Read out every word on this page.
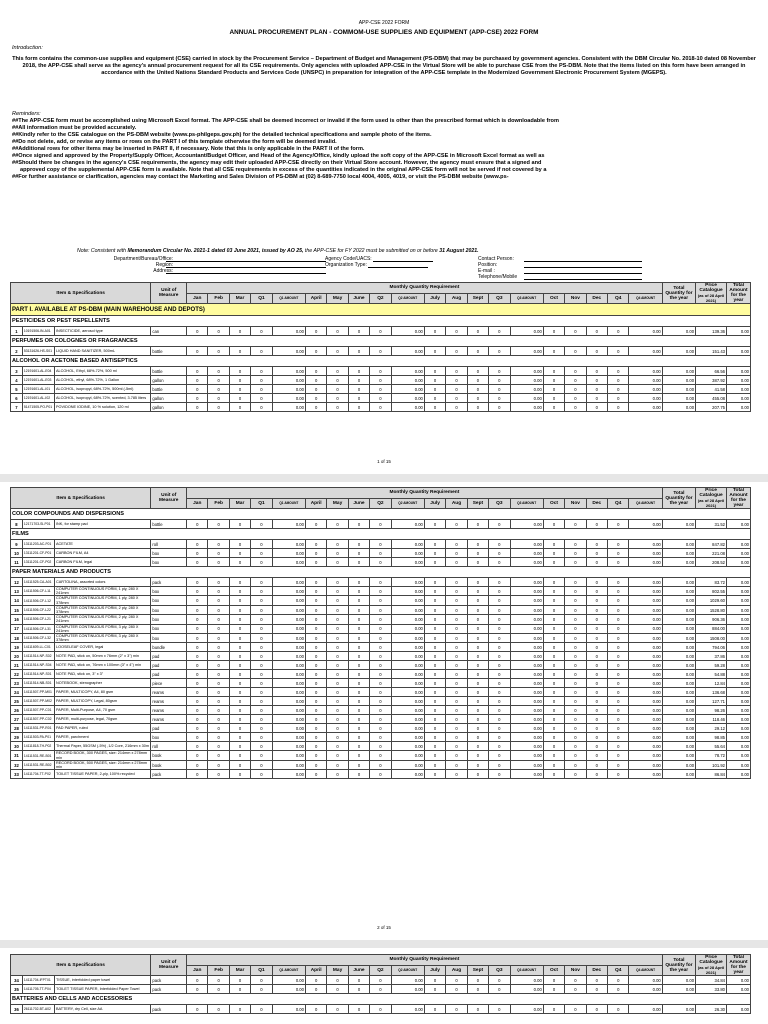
APP-CSE 2022 FORM
ANNUAL PROCUREMENT PLAN - COMMOM-USE SUPPLIES AND EQUIPMENT (APP-CSE) 2022 FORM
Introduction:
This form contains the common-use supplies and equipment (CSE) carried in stock by the Procurement Service – Department of Budget and Management (PS-DBM) that may be purchased by government agencies. Consistent with the DBM Circular No. 2018-10 dated 08 November 2018, the APP-CSE shall serve as the agency's annual procurement request for all its CSE requirements. Only agencies with uploaded APP-CSE in the Virtual Store will be able to purchase CSE from the PS-DBM. Note that the items listed on this form have been arranged in accordance with the United Nations Standard Products and Services Code (UNSPC) in preparation for integration of the APP-CSE template in the Modernized Government Electronic Procurement System (MGEPS).
Reminders:
##The APP-CSE form must be accomplished using Microsoft Excel format. The APP-CSE shall be deemed incorrect or invalid if the form used is other than the prescribed format which is downloadable from
##All information must be provided accurately.
##Kindly refer to the CSE catalogue on the PS-DBM website (www.ps-philgeps.gov.ph) for the detailed technical specifications and sample photo of the items.
##Do not delete, add, or revise any items or rows on the PART I of this template otherwise the form will be deemed invalid.
##Additional rows for other items may be inserted in PART II, if necessary. Note that this is only applicable in the PART II of the form.
##Once signed and approved by the Property/Supply Officer, Accountant/Budget Officer, and Head of the Agency/Office, kindly upload the soft copy of the APP-CSE in Microsoft Excel format as well as
##Should there be changes in the agency's CSE requirements, the agency may edit their uploaded APP-CSE directly on their Virtual Store account. However, the agency must ensure that a signed and
approved copy of the supplemental APP-CSE form is available. Note that all CSE requirements in excess of the quantities indicated in the original APP-CSE form will not be served if not covered by a
##For further assistance or clarification, agencies may contact the Marketing and Sales Division of PS-DBM at (02) 8-689-7750 local 4004, 4005, 4019, or visit the PS-DBM website (www.ps-
Note: Consistent with Memorandum Circular No. 2021-1 dated 03 June 2021, issued by AO 25, the APP-CSE for FY 2022 must be submitted on or before 31 August 2021.
Department/Bureau/Office:
Region:
Address:
Agency Code/UACS:
Organization Type:
Contact Person:
Position:
E-mail :
Telephone/Mobile
Item & Specifications			Unit of Measure	Monthly Quantity Requirement																				Total Quantity for the year	Price Catalogue
(as of 28 April 2021)	Total Amount for the year
				Jan	Feb	Mar	Q1	Q1 AMOUNT	April	May	June	Q2	Q2 AMOUNT	July	Aug	Sept	Q3	Q3 AMOUNT	Oct	Nov	Dec	Q4	Q4 AMOUNT			
PART I. AVAILABLE AT PS-DBM (MAIN WAREHOUSE AND DEPOTS)																										
PESTICIDES OR PEST REPELLENTS																										
1	10191506-IN-A01	INSECTICIDE, aerosol type	can	0	0	0	0	0.00	0	0	0	0	0.00	0	0	0	0	0.00	0	0	0	0	0.00	0.00	139.36	0.00
PERFUMES OR COLOGNES OR FRAGRANCES																										
2	53131626-HS-S01	LIQUID HAND SANITIZER, 500mL	bottle	0	0	0	0	0.00	0	0	0	0	0.00	0	0	0	0	0.00	0	0	0	0	0.00	0.00	151.43	0.00
ALCOHOL OR ACETONE BASED ANTISEPTICS																										
3	12191601-AL-E04	ALCOHOL, Ethyl, 68%-72%, 500 ml	bottle	0	0	0	0	0.00	0	0	0	0	0.00	0	0	0	0	0.00	0	0	0	0	0.00	0.00	66.56	0.00
4	12191601-AL-E03	ALCOHOL, ethyl, 68%-72%, 1 Gallon	gallon	0	0	0	0	0.00	0	0	0	0	0.00	0	0	0	0	0.00	0	0	0	0	0.00	0.00	387.92	0.00
5	12191601-AL-I01	ALCOHOL, isopropyl, 68%-72%, 500ml (-5ml)	bottle	0	0	0	0	0.00	0	0	0	0	0.00	0	0	0	0	0.00	0	0	0	0	0.00	0.00	41.58	0.00
6	12191601-AL-I02	ALCOHOL, isopropyl, 68%-72%, scented, 3.785 liters	gallon	0	0	0	0	0.00	0	0	0	0	0.00	0	0	0	0	0.00	0	0	0	0	0.00	0.00	455.08	0.00
7	51471505-PO-P01	POVIDONE IODINE, 10 % solution, 120 ml	gallon	0	0	0	0	0.00	0	0	0	0	0.00	0	0	0	0	0.00	0	0	0	0	0.00	0.00	207.75	0.00
1 of 15
Item & Specifications			Unit of Measure	Monthly Quantity Requirement																				Total Quantity for the year	Price Catalogue
(as of 28 April 2021)	Total Amount for the year
				Jan	Feb	Mar	Q1	Q1 AMOUNT	April	May	June	Q2	Q2 AMOUNT	July	Aug	Sept	Q3	Q3 AMOUNT	Oct	Nov	Dec	Q4	Q4 AMOUNT			
COLOR COMPOUNDS AND DISPERSIONS																										
8	12171703-SI-P01	INK, for stamp pad	bottle	0	0	0	0	0.00	0	0	0	0	0.00	0	0	0	0	0.00	0	0	0	0	0.00	0.00	31.52	0.00
FILMS																										
9	13111203-AC-F01	ACETATE	roll	0	0	0	0	0.00	0	0	0	0	0.00	0	0	0	0	0.00	0	0	0	0	0.00	0.00	847.82	0.00
10	13111201-CF-P01	CARBON FILM, A4	box	0	0	0	0	0.00	0	0	0	0	0.00	0	0	0	0	0.00	0	0	0	0	0.00	0.00	221.08	0.00
11	13111201-CF-P02	CARBON FILM, legal	box	0	0	0	0	0.00	0	0	0	0	0.00	0	0	0	0	0.00	0	0	0	0	0.00	0.00	208.52	0.00
PAPER MATERIALS AND PRODUCTS																										
12	14111525-CA-A01	CARTOLINA, assorted colors	pack	0	0	0	0	0.00	0	0	0	0	0.00	0	0	0	0	0.00	0	0	0	0	0.00	0.00	83.72	0.00
13	14111506-CF-L11	COMPUTER CONTINUOUS FORM, 1 ply, 280 X 241mm	box	0	0	0	0	0.00	0	0	0	0	0.00	0	0	0	0	0.00	0	0	0	0	0.00	0.00	802.55	0.00
14	14111506-CF-L12	COMPUTER CONTINUOUS FORM, 1 ply, 280 X 378mm	box	0	0	0	0	0.00	0	0	0	0	0.00	0	0	0	0	0.00	0	0	0	0	0.00	0.00	1029.60	0.00
15	14111506-CF-L22	COMPUTER CONTINUOUS FORM, 2 ply, 280 X 378mm	box	0	0	0	0	0.00	0	0	0	0	0.00	0	0	0	0	0.00	0	0	0	0	0.00	0.00	1528.80	0.00
16	14111506-CF-L21	COMPUTER CONTINUOUS FORM, 2 ply, 280 X 241mm	box	0	0	0	0	0.00	0	0	0	0	0.00	0	0	0	0	0.00	0	0	0	0	0.00	0.00	906.36	0.00
17	14111506-CF-L31	COMPUTER CONTINUOUS FORM, 3 ply, 280 X 241mm	box	0	0	0	0	0.00	0	0	0	0	0.00	0	0	0	0	0.00	0	0	0	0	0.00	0.00	884.00	0.00
18	14111506-CF-L32	COMPUTER CONTINUOUS FORM, 3 ply, 280 X 378mm	box	0	0	0	0	0.00	0	0	0	0	0.00	0	0	0	0	0.00	0	0	0	0	0.00	0.00	1508.00	0.00
19	14111609-LL-C01	LOOSELEAF COVER, legal	bundle	0	0	0	0	0.00	0	0	0	0	0.00	0	0	0	0	0.00	0	0	0	0	0.00	0.00	794.06	0.00
20	14111514-NP-S02	NOTE PAD, stick on, 50mm x 76mm (2" x 3") min	pad	0	0	0	0	0.00	0	0	0	0	0.00	0	0	0	0	0.00	0	0	0	0	0.00	0.00	37.86	0.00
21	14111514-NP-S04	NOTE PAD, stick on, 76mm x 100mm (3" x 4") min	pad	0	0	0	0	0.00	0	0	0	0	0.00	0	0	0	0	0.00	0	0	0	0	0.00	0.00	59.28	0.00
22	14111514-NP-S01	NOTE PAD, stick on, 3" x 3"	pad	0	0	0	0	0.00	0	0	0	0	0.00	0	0	0	0	0.00	0	0	0	0	0.00	0.00	54.88	0.00
23	14111514-NB-S01	NOTEBOOK, stenographer	piece	0	0	0	0	0.00	0	0	0	0	0.00	0	0	0	0	0.00	0	0	0	0	0.00	0.00	12.84	0.00
24	14111507-PP-M01	PAPER, MULTICOPY, A4, 80 gsm	reams	0	0	0	0	0.00	0	0	0	0	0.00	0	0	0	0	0.00	0	0	0	0	0.00	0.00	136.68	0.00
25	14111507-PP-M02	PAPER, MULTICOPY, Legal, 80gsm	reams	0	0	0	0	0.00	0	0	0	0	0.00	0	0	0	0	0.00	0	0	0	0	0.00	0.00	127.71	0.00
26	14111507-PP-C01	PAPER, Multi-Purpose, A4, 70 gsm	reams	0	0	0	0	0.00	0	0	0	0	0.00	0	0	0	0	0.00	0	0	0	0	0.00	0.00	98.26	0.00
27	14111507-PP-C02	PAPER, multi-purpose, legal, 70gsm	reams	0	0	0	0	0.00	0	0	0	0	0.00	0	0	0	0	0.00	0	0	0	0	0.00	0.00	118.46	0.00
28	14111531-PP-R01	PAD PAPER, ruled	pad	0	0	0	0	0.00	0	0	0	0	0.00	0	0	0	0	0.00	0	0	0	0	0.00	0.00	29.12	0.00
29	14111503-PA-P01	PAPER, parchment	box	0	0	0	0	0.00	0	0	0	0	0.00	0	0	0	0	0.00	0	0	0	0	0.00	0.00	98.85	0.00
30	14111818-TH-P02	Thermal Paper, 55GSM (-5%) ,1/2 Core, 216mm x 30m	roll	0	0	0	0	0.00	0	0	0	0	0.00	0	0	0	0	0.00	0	0	0	0	0.00	0.00	55.64	0.00
31	14111531-RE-B01	RECORD BOOK, 300 PAGES, size: 214mm x 278mm min	book	0	0	0	0	0.00	0	0	0	0	0.00	0	0	0	0	0.00	0	0	0	0	0.00	0.00	78.72	0.00
32	14111531-RE-B02	RECORD BOOK, 500 PAGES, size: 214mm x 278mm min	book	0	0	0	0	0.00	0	0	0	0	0.00	0	0	0	0	0.00	0	0	0	0	0.00	0.00	101.92	0.00
33	14111704-TT-P02	TOILET TISSUE PAPER, 2-ply, 100% recycled	pack	0	0	0	0	0.00	0	0	0	0	0.00	0	0	0	0	0.00	0	0	0	0	0.00	0.00	86.84	0.00
2 of 15
Item & Specifications			Unit of Measure	Monthly Quantity Requirement																				Total Quantity for the year	Price Catalogue
(as of 28 April 2021)	Total Amount for the year
				Jan	Feb	Mar	Q1	Q1 AMOUNT	April	May	June	Q2	Q2 AMOUNT	July	Aug	Sept	Q3	Q3 AMOUNT	Oct	Nov	Dec	Q4	Q4 AMOUNT			
34	14111704-IFPT01	TISSUE, interfolded paper towel	pack	0	0	0	0	0.00	0	0	0	0	0.00	0	0	0	0	0.00	0	0	0	0	0.00	0.00	34.84	0.00
35	14111705-TT-P04	TOILET TISSUE PAPER, Interfolded Paper Towel	pack	0	0	0	0	0.00	0	0	0	0	0.00	0	0	0	0	0.00	0	0	0	0	0.00	0.00	33.80	0.00
BATTERIES AND CELLS AND ACCESSORIES																										
36	26111702-BT-A02	BATTERY, dry Cell, size AA	pack	0	0	0	0	0.00	0	0	0	0	0.00	0	0	0	0	0.00	0	0	0	0	0.00	0.00	26.30	0.00
